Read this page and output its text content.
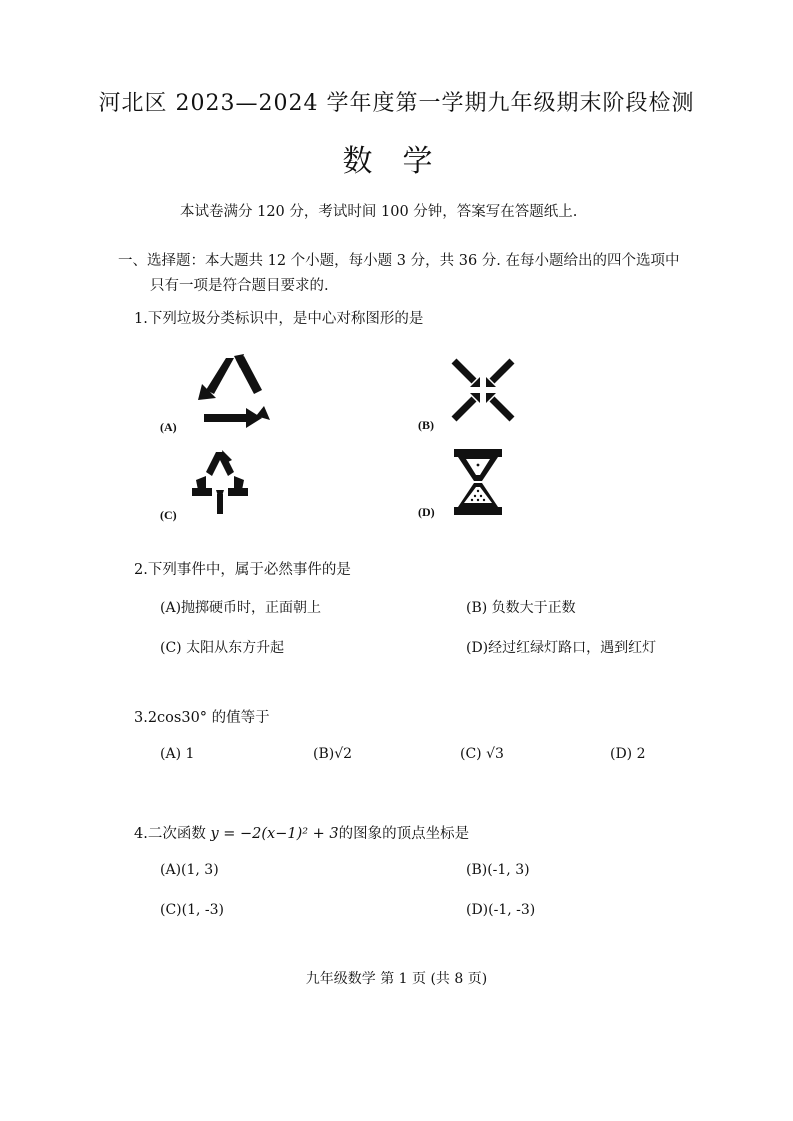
河北区 2023—2024 学年度第一学期九年级期末阶段检测
数学
本试卷满分 120 分，考试时间 100 分钟，答案写在答题纸上.
一、选择题：本大题共 12 个小题，每小题 3 分，共 36 分. 在每小题给出的四个选项中
只有一项是符合题目要求的.
1.下列垃圾分类标识中，是中心对称图形的是
(A)	(B)
(C)	(D)
2.下列事件中，属于必然事件的是
(A)抛掷硬币时，正面朝上	(B) 负数大于正数
(C) 太阳从东方升起	(D)经过红绿灯路口，遇到红灯
3.2cos30° 的值等于
(A) 1	(B)√2	(C) √3	(D) 2
4.二次函数 y = −2(x−1)² + 3的图象的顶点坐标是
(A)(1, 3)	(B)(-1, 3)
(C)(1, -3)	(D)(-1, -3)
九年级数学 第 1 页 (共 8 页)
